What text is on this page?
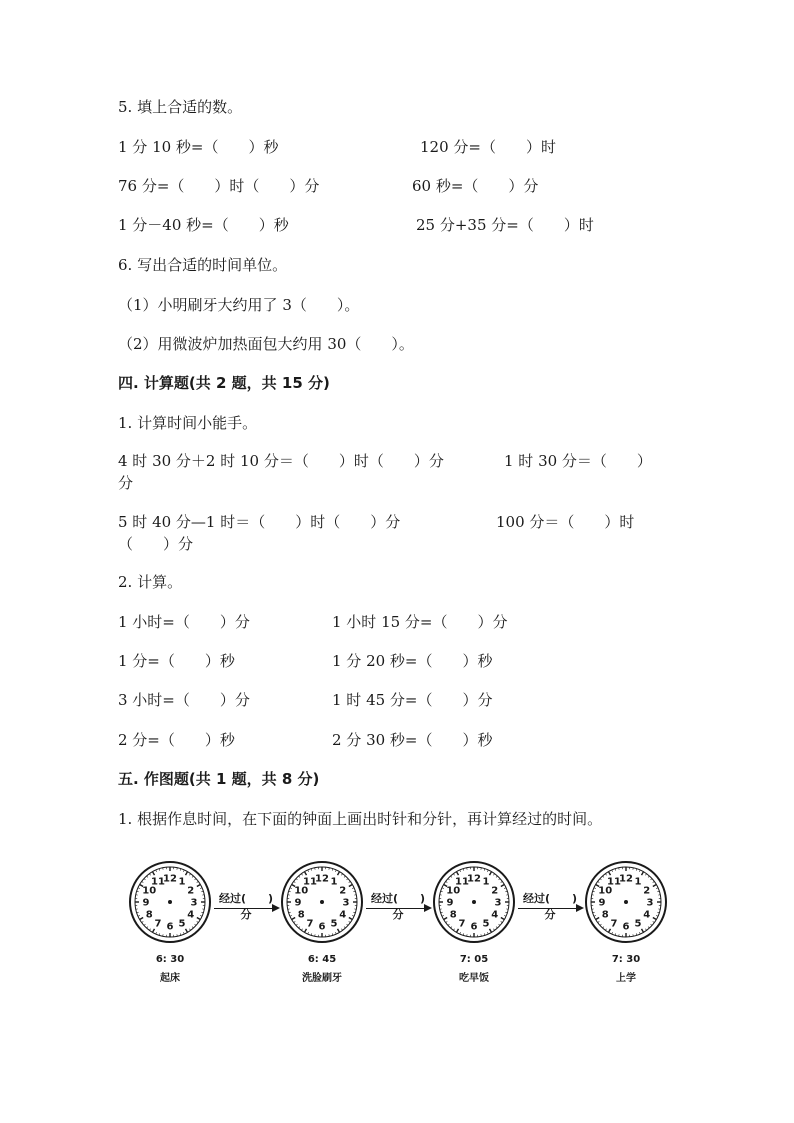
5. 填上合适的数。
1 分 10 秒=（　　）秒	120 分=（　　）时
76 分=（　　）时（　　）分	60 秒=（　　）分
1 分－40 秒=（　　）秒	25 分+35 分=（　　）时
6. 写出合适的时间单位。
（1）小明刷牙大约用了 3（　　）。
（2）用微波炉加热面包大约用 30（　　）。
四. 计算题(共 2 题，共 15 分)
1. 计算时间小能手。
4 时 30 分＋2 时 10 分＝（　　）时（　　）分	1 时 30 分＝（　　）
分
5 时 40 分—1 时＝（　　）时（　　）分	100 分＝（　　）时
（　　）分
2. 计算。
1 小时=（　　）分	1 小时 15 分=（　　）分
1 分=（　　）秒	1 分 20 秒=（　　）秒
3 小时=（　　）分	1 时 45 分=（　　）分
2 分=（　　）秒	2 分 30 秒=（　　）秒
五. 作图题(共 1 题，共 8 分)
1. 根据作息时间，在下面的钟面上画出时针和分针，再计算经过的时间。
12 1
2
3
4
5
6
7
8
9
10
11
6: 30
起床
经过(　　)分
12 1
2
3
4
5
6
7
8
9
10
11
6: 45
洗脸刷牙
经过(　　)分
12 1
2
3
4
5
6
7
8
9
10
11
7: 05
吃早饭
经过(　　)分
12 1
2
3
4
5
6
7
8
9
10
11
7: 30
上学
